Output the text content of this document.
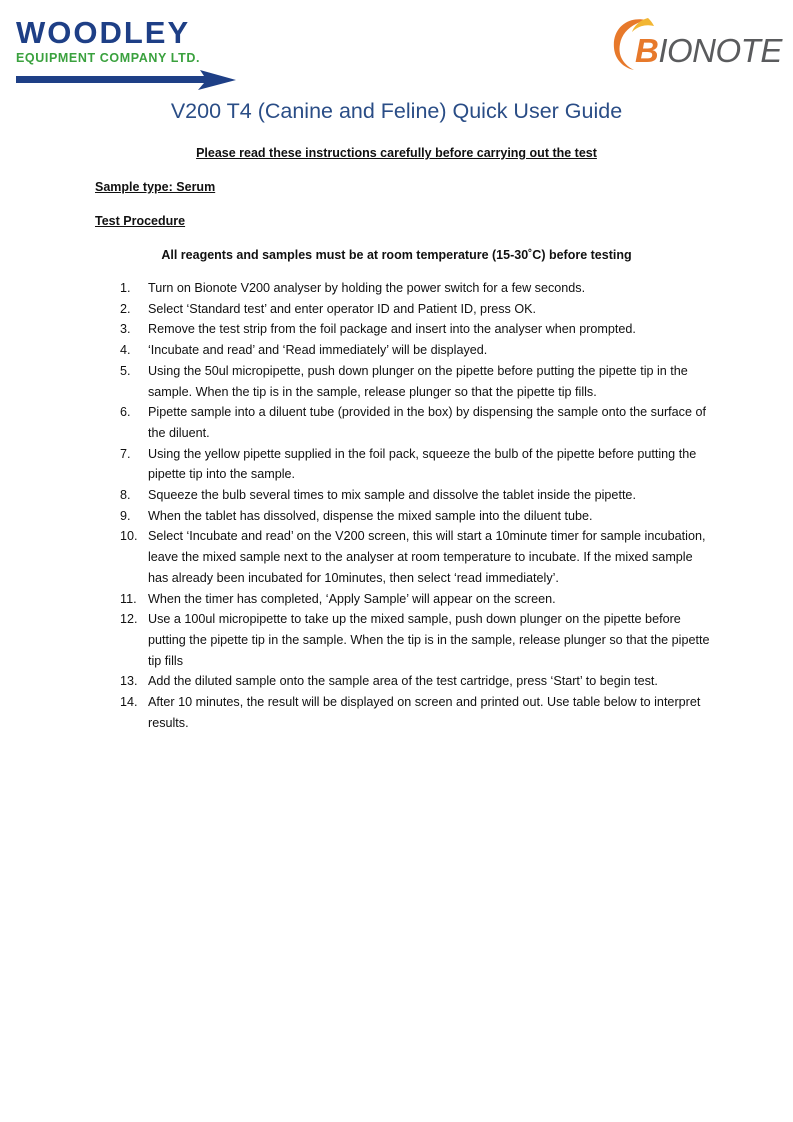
WOODLEY
EQUIPMENT COMPANY LTD.	BIONOTE
V200 T4 (Canine and Feline) Quick User Guide
Please read these instructions carefully before carrying out the test
Sample type: Serum
Test Procedure
All reagents and samples must be at room temperature (15-30˚C) before testing
1.	Turn on Bionote V200 analyser by holding the power switch for a few seconds.
2.	Select ‘Standard test’ and enter operator ID and Patient ID, press OK.
3.	Remove the test strip from the foil package and insert into the analyser when prompted.
4.	‘Incubate and read’ and ‘Read immediately’ will be displayed.
5.	Using the 50ul micropipette, push down plunger on the pipette before putting the pipette tip in the sample. When the tip is in the sample, release plunger so that the pipette tip fills.
6.	Pipette sample into a diluent tube (provided in the box) by dispensing the sample onto the surface of the diluent.
7.	Using the yellow pipette supplied in the foil pack, squeeze the bulb of the pipette before putting the pipette tip into the sample.
8.	Squeeze the bulb several times to mix sample and dissolve the tablet inside the pipette.
9.	When the tablet has dissolved, dispense the mixed sample into the diluent tube.
10. Select ‘Incubate and read’ on the V200 screen, this will start a 10minute timer for sample incubation, leave the mixed sample next to the analyser at room temperature to incubate. If the mixed sample has already been incubated for 10minutes, then select ‘read immediately’.
11. When the timer has completed, ‘Apply Sample’ will appear on the screen.
12. Use a 100ul micropipette to take up the mixed sample, push down plunger on the pipette before putting the pipette tip in the sample. When the tip is in the sample, release plunger so that the pipette tip fills
13. Add the diluted sample onto the sample area of the test cartridge, press ‘Start’ to begin test.
14. After 10 minutes, the result will be displayed on screen and printed out. Use table below to interpret results.
